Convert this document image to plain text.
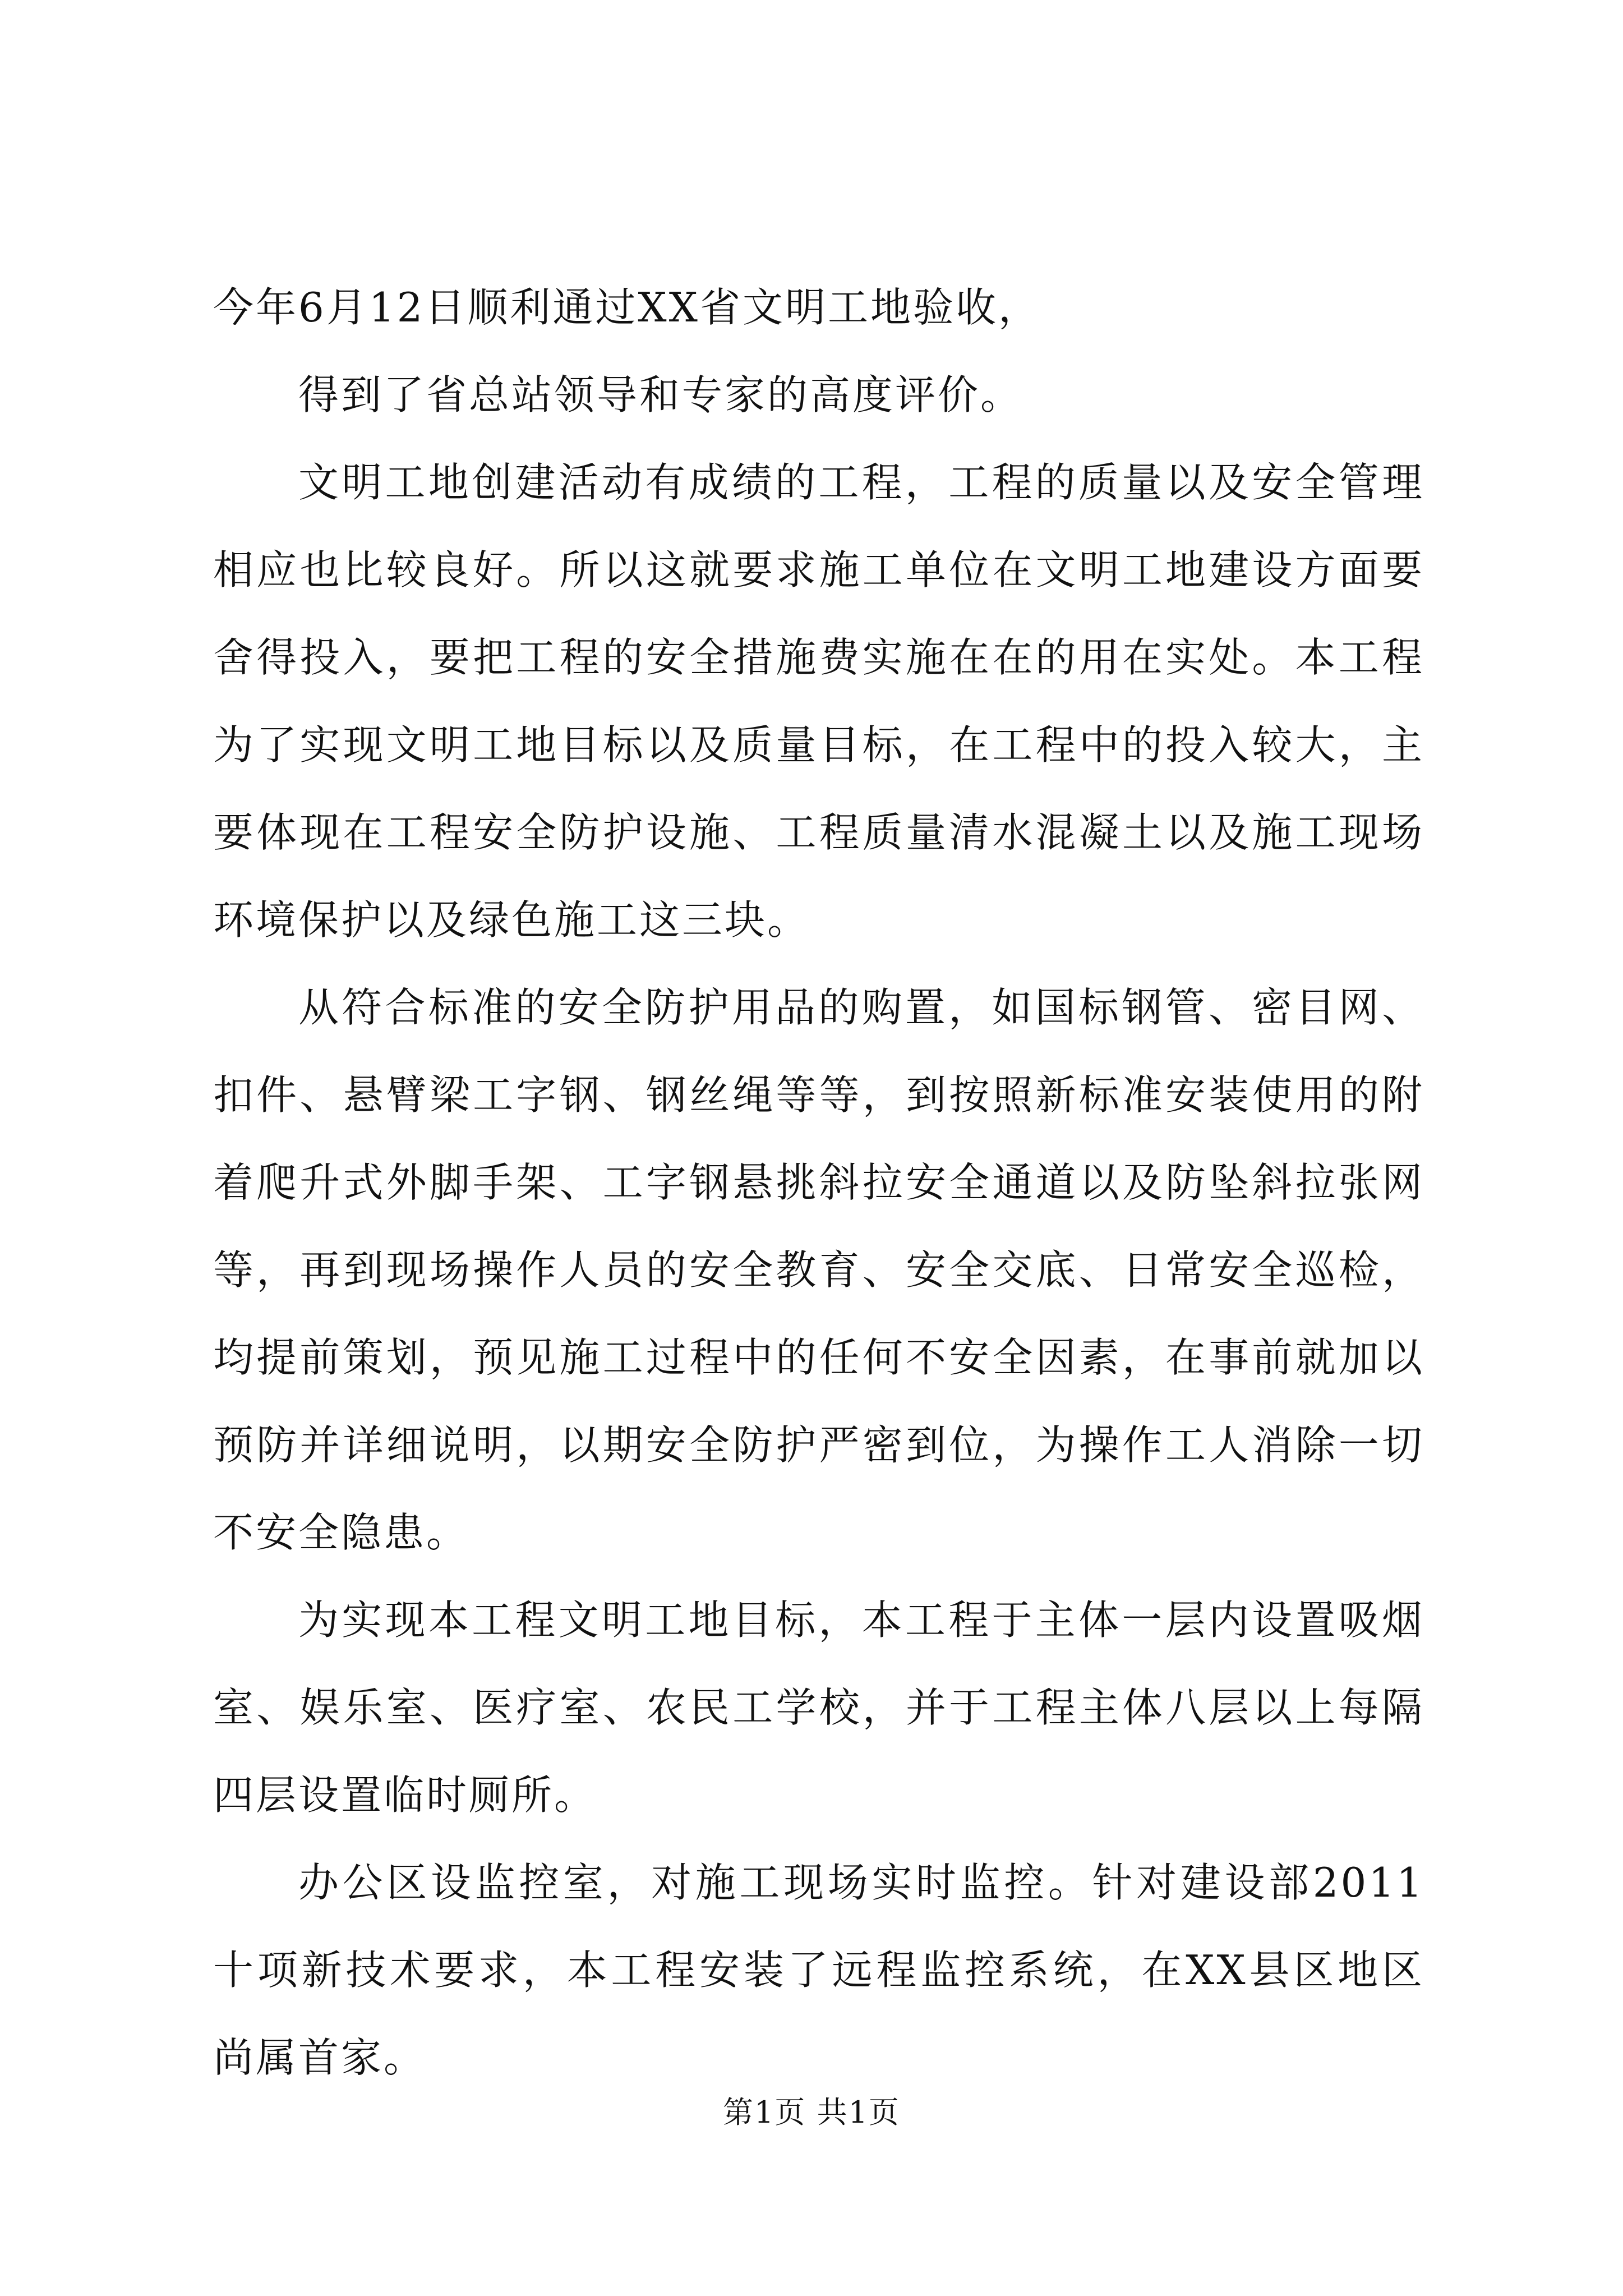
今年6月12日顺利通过XX省文明工地验收，

得到了省总站领导和专家的高度评价。

文明工地创建活动有成绩的工程，工程的质量以及安全管理相应也比较良好。所以这就要求施工单位在文明工地建设方面要舍得投入，要把工程的安全措施费实施在在的用在实处。本工程为了实现文明工地目标以及质量目标，在工程中的投入较大，主要体现在工程安全防护设施、工程质量清水混凝土以及施工现场环境保护以及绿色施工这三块。

从符合标准的安全防护用品的购置，如国标钢管、密目网、扣件、悬臂梁工字钢、钢丝绳等等，到按照新标准安装使用的附着爬升式外脚手架、工字钢悬挑斜拉安全通道以及防坠斜拉张网等，再到现场操作人员的安全教育、安全交底、日常安全巡检，均提前策划，预见施工过程中的任何不安全因素，在事前就加以预防并详细说明，以期安全防护严密到位，为操作工人消除一切不安全隐患。

为实现本工程文明工地目标，本工程于主体一层内设置吸烟室、娱乐室、医疗室、农民工学校，并于工程主体八层以上每隔四层设置临时厕所。

办公区设监控室，对施工现场实时监控。针对建设部2011十项新技术要求，本工程安装了远程监控系统，在XX县区地区尚属首家。

第1页 共1页
